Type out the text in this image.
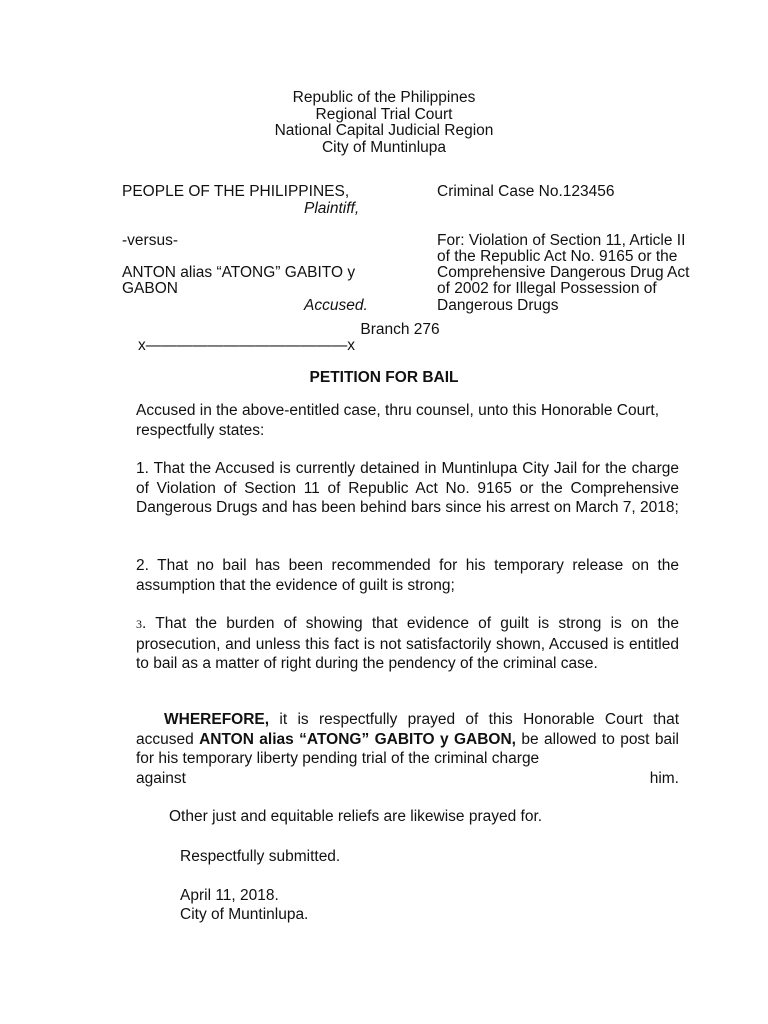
Republic of the Philippines
Regional Trial Court
National Capital Judicial Region
City of Muntinlupa
PEOPLE OF THE PHILIPPINES,
Plaintiff,
-versus-
ANTON alias “ATONG” GABITO y
GABON
Accused.
Criminal Case No.123456
For: Violation of Section 11, Article II
of the Republic Act No. 9165 or the
Comprehensive Dangerous Drug Act
of 2002 for Illegal Possession of
Dangerous Drugs
Branch 276
x—————————————x
PETITION FOR BAIL
Accused in the above-entitled case, thru counsel, unto this Honorable Court, respectfully states:
1. That the Accused is currently detained in Muntinlupa City Jail for the charge of Violation of Section 11 of Republic Act No. 9165 or the Comprehensive Dangerous Drugs and has been behind bars since his arrest on March 7, 2018;
2. That no bail has been recommended for his temporary release on the assumption that the evidence of guilt is strong;
3. That the burden of showing that evidence of guilt is strong is on the prosecution, and unless this fact is not satisfactorily shown, Accused is entitled to bail as a matter of right during the pendency of the criminal case.
WHEREFORE, it is respectfully prayed of this Honorable Court that accused ANTON alias “ATONG” GABITO y GABON, be allowed to post bail for his temporary liberty pending trial of the criminal charge
against	him.
Other just and equitable reliefs are likewise prayed for.
Respectfully submitted.
April 11, 2018.
City of Muntinlupa.
